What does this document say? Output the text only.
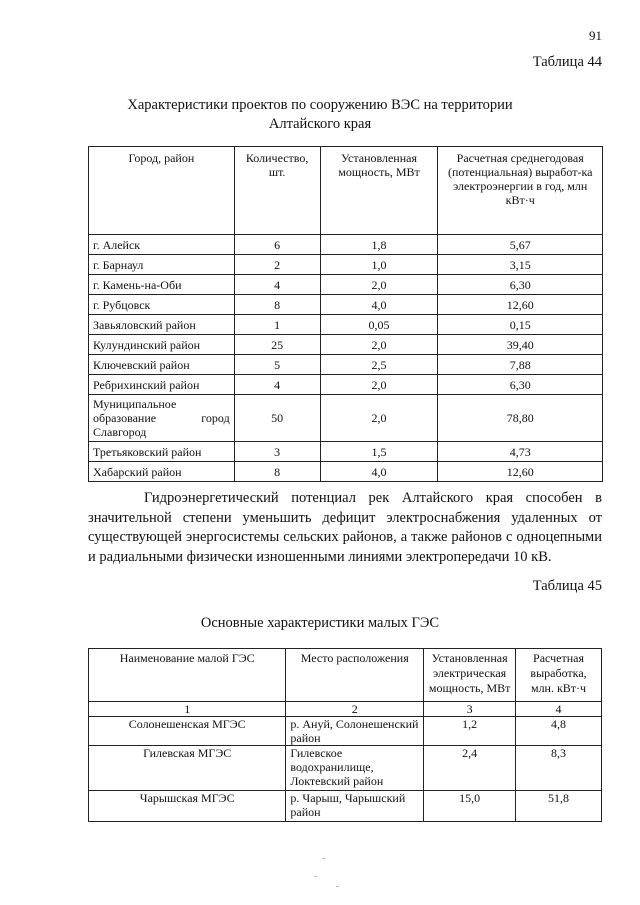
91
Таблица 44
Характеристики проектов по сооружению ВЭС на территории
Алтайского края
Город, район	Количество, шт.	Установленная мощность, МВт	Расчетная среднегодовая (потенциальная) выработ-ка электроэнергии в год, млн кВт·ч
г. Алейск	6	1,8	5,67
г. Барнаул	2	1,0	3,15
г. Камень-на-Оби	4	2,0	6,30
г. Рубцовск	8	4,0	12,60
Завьяловский район	1	0,05	0,15
Кулундинский район	25	2,0	39,40
Ключевский район	5	2,5	7,88
Ребрихинский район	4	2,0	6,30

Муниципальное
образование город
Славгород	50	2,0	78,80
Третьяковский район	3	1,5	4,73
Хабарский район	8	4,0	12,60

Гидроэнергетический потенциал рек Алтайского края способен в значительной степени уменьшить дефицит электроснабжения удаленных от существующей энергосистемы сельских районов, а также районов с одноцепными и радиальными физически изношенными линиями электропередачи 10 кВ.

Таблица 45
Основные характеристики малых ГЭС
Наименование малой ГЭС	Место расположения	Установленная электрическая мощность, МВт	Расчетная выработка, млн. кВт·ч
1	2	3	4
Солонешенская МГЭС	р. Ануй, Солонешенский район	1,2	4,8
Гилевская МГЭС	Гилевское водохранилище, Локтевский район	2,4	8,3
Чарышская МГЭС	р. Чарыш, Чарышский район	15,0	51,8
